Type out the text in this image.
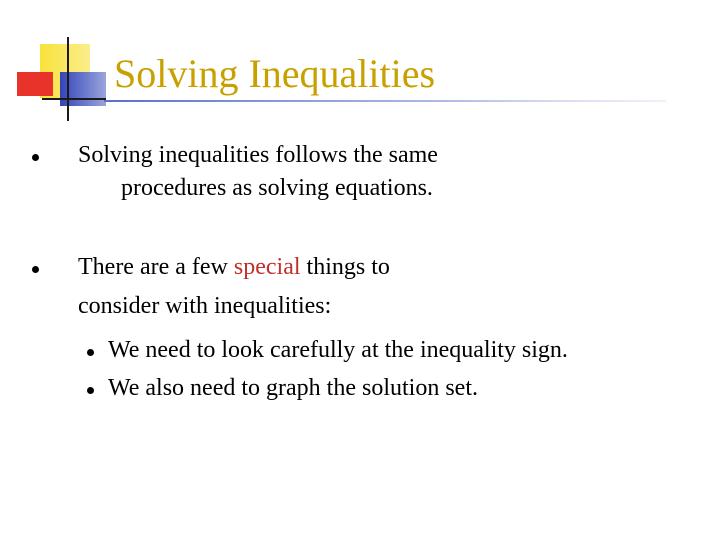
Solving Inequalities
Solving inequalities follows the same
procedures as solving equations.
There are a few special things to
consider with inequalities:
We need to look carefully at the inequality sign.
We also need to graph the solution set.
